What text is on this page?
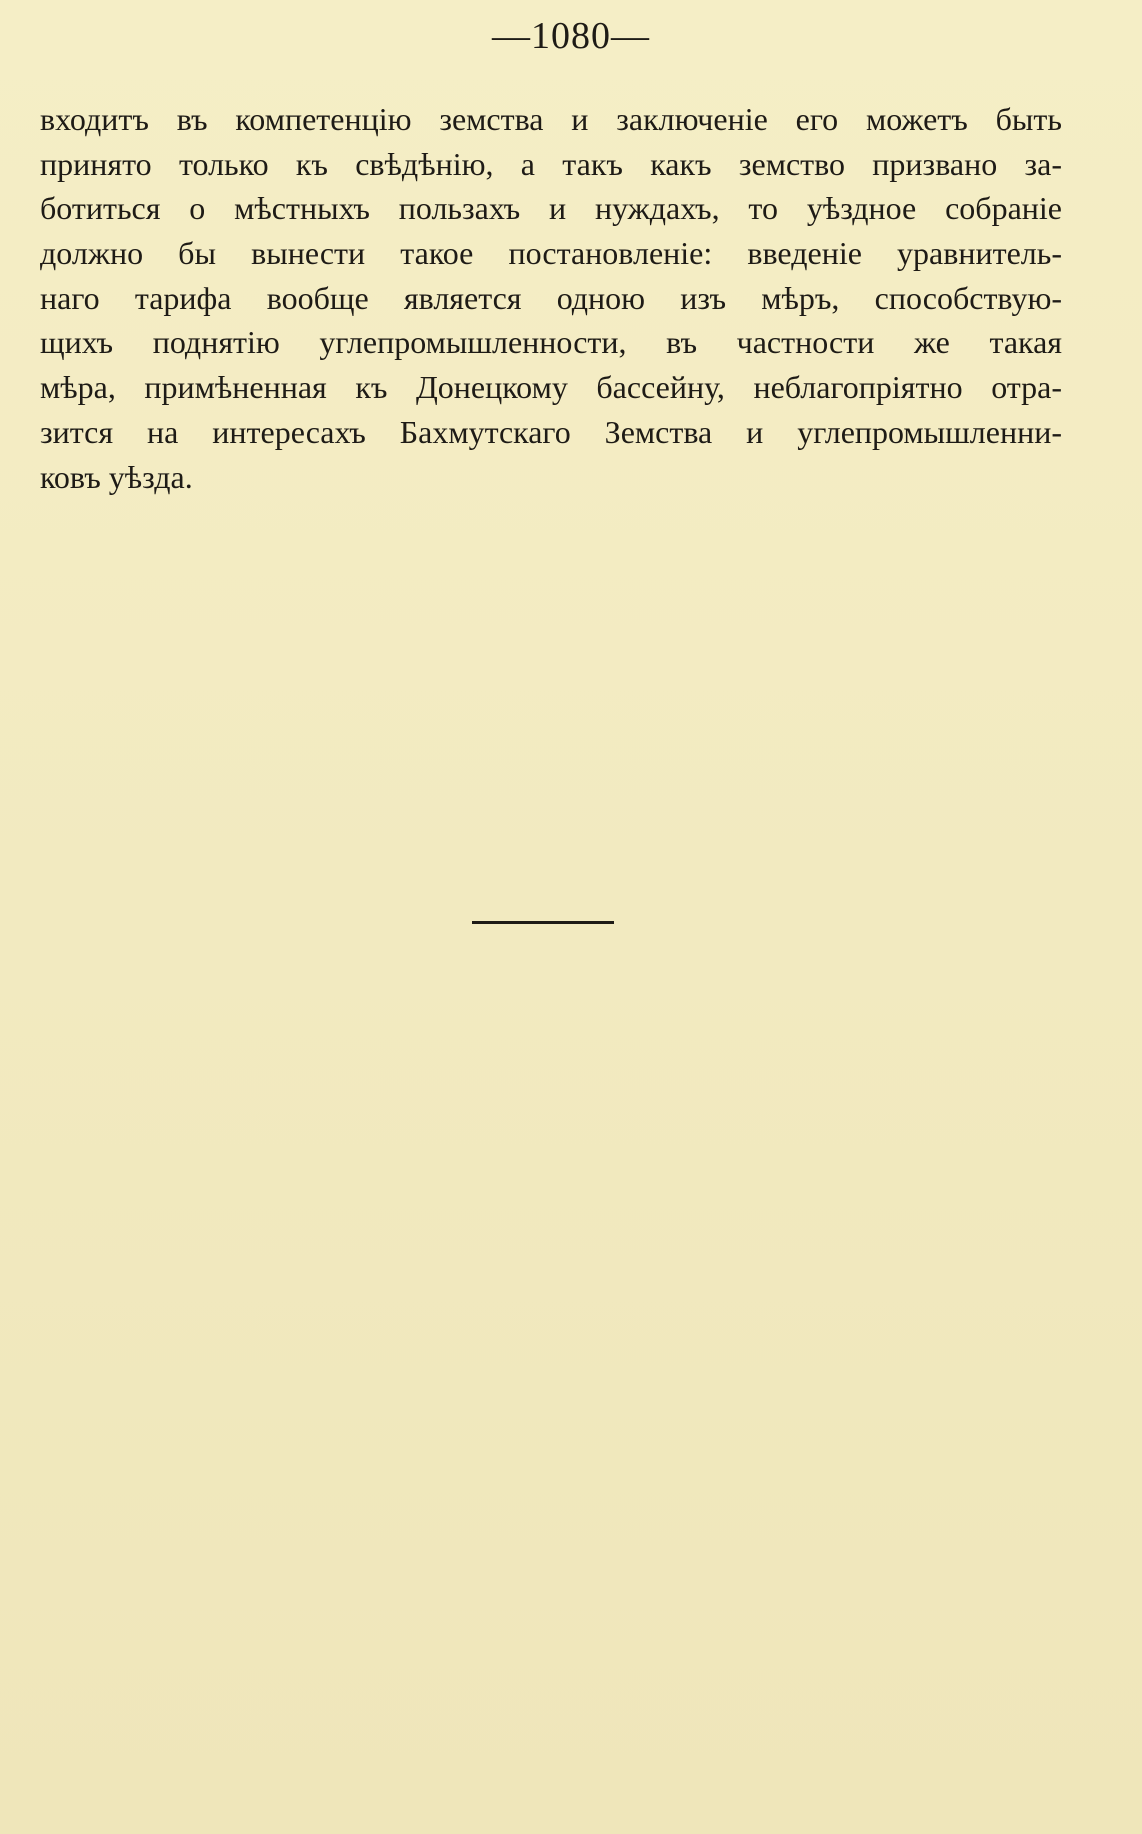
—1080—
входитъ въ компетенцію земства и заключеніе его можетъ быть
принято только къ свѣдѣнію, а такъ какъ земство призвано за-
ботиться о мѣстныхъ пользахъ и нуждахъ, то уѣздное собраніе
должно бы вынести такое постановленіе: введеніе уравнитель-
наго тарифа вообще является одною изъ мѣръ, способствую-
щихъ поднятію углепромышленности, въ частности же такая
мѣра, примѣненная къ Донецкому бассейну, неблагопріятно отра-
зится на интересахъ Бахмутскаго Земства и углепромышленни-
ковъ уѣзда.
